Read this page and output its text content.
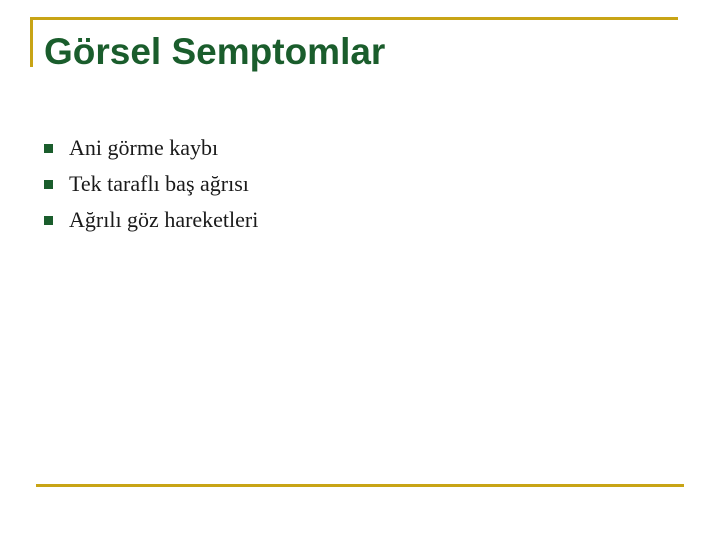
Görsel Semptomlar
Ani görme kaybı
Tek taraflı baş ağrısı
Ağrılı göz hareketleri
